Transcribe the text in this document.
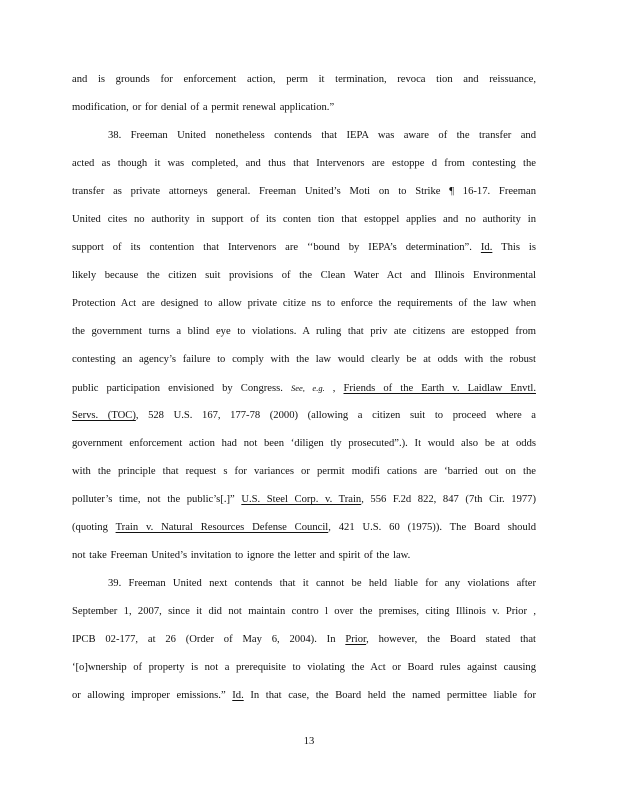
and is grounds for enforcement action, perm it termination, revoca tion and reissuance,
modification, or for denial of a permit renewal application.”
38. Freeman United nonetheless contends that IEPA was aware of the transfer and
acted as though it was completed, and thus that Intervenors are estoppe d from contesting the
transfer as private attorneys general. Freeman United’s Moti on to Strike ¶ 16-17. Freeman
United cites no authority in support of its conten tion that estoppel applies and no authority in
support of its contention that Intervenors are ‘‘bound by IEPA’s determination”. Id. This is
likely because the citizen suit provisions of the Clean Water Act and Illinois Environmental
Protection Act are designed to allow private citize ns to enforce the requirements of the law when
the government turns a blind eye to violations. A ruling that priv ate citizens are estopped from
contesting an agency’s failure to comply with the law would clearly be at odds with the robust
public participation envisioned by Congress. See, e.g. , Friends of the Earth v. Laidlaw Envtl.
Servs. (TOC), 528 U.S. 167, 177-78 (2000) (allowing a citizen suit to proceed where a
government enforcement action had not been ‘diligen tly prosecuted”.). It would also be at odds
with the principle that request s for variances or permit modifi cations are ‘barried out on the
polluter’s time, not the public’s[.]” U.S. Steel Corp. v. Train, 556 F.2d 822, 847 (7th Cir. 1977)
(quoting Train v. Natural Resources Defense Council, 421 U.S. 60 (1975)). The Board should
not take Freeman United’s invitation to ignore the letter and spirit of the law.
39. Freeman United next contends that it cannot be held liable for any violations after
September 1, 2007, since it did not maintain contro l over the premises, citing Illinois v. Prior ,
IPCB 02-177, at 26 (Order of May 6, 2004). In Prior, however, the Board stated that
‘[o]wnership of property is not a prerequisite to violating the Act or Board rules against causing
or allowing improper emissions.” Id. In that case, the Board held the named permittee liable for
13
